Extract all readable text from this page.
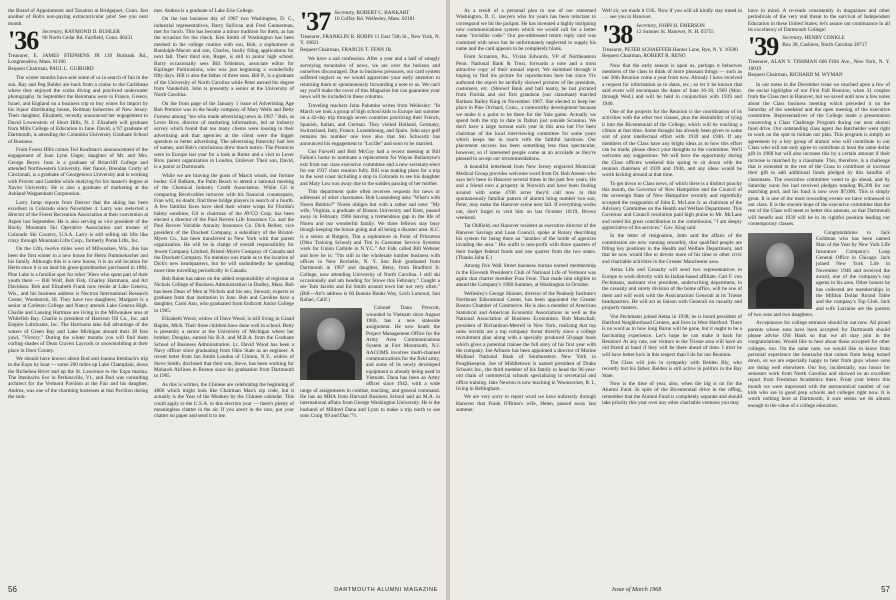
the Board of Appointment and Taxation at Bridgeport, Conn. Just another of Bob's non-paying extracurricular jobs! See you next month.

'36 Secretary, RAYMOND D. BUHLER
90 North Cedar Rd. Fairfield, Conn. 06431
Treasurer, E. JAMES STEPHENS JR 139 Burbank Rd., Longmeadow, Mass. 01106
Bequest Chairman, PAUL L. GUIBORD

The winter months have sent some of us in search of fun in the sun. Ray and Peg Buhler are back from a cruise to the Caribbean where they enjoyed the scuba diving and practiced underwater photography. In September the Reinmans were in France, Greece, Israel, and England on a business trip to buy wines for import by his liquor distributing house, Reitman Industries of New Jersey. Their daughter, Elizabeth, recently announced her engagement to David Lowenstein of Short Hills, N. J. Elizabeth will graduate from Mills College of Education in June. David, a '67 graduate of Dartmouth, is attending the Columbia University Graduate School of Business.

From Forest Hills comes Ted Kaufman's announcement of the engagement of Joan Lynn Unger, daughter of Mr. and Mrs. George Beyer. Joan is a graduate of Briarcliff College and attended Northwestern University. Her fiancé, Brendan Crotty of Cincinnati, is a graduate of Georgetown University and is working with Procter and Gamble while studying for his master's degree at Xavier University. He is also a graduate of marketing at the Ashland Wappenham Corporation.

Larry Jump reports from Denver that the skiing has been excellent in Colorado since November 4. Larry was reelected a director of the Forest Recreation Association at their convention at Aspen last September. He is also serving as vice president of the Rocky Mountain Ski Operative Association and trustee of Colorado Ski Country, U.S.A. Larry is still selling ski lifts like crazy through Mountain Lifts Corp., formerly Poma Lifts, Inc.

On the 12th, twelve miles west of Milwaukee, Wis., this has been the first winter in a new house for Herm Nummenacher and his family. Although this is a new house, it is an old location for Herm since it is on land his great-grandmother purchased in 1884. Pine Lake is a familiar spot for other '36ers who spent part of their youth there — Bill Wolf, Bob Fish, Charley Hartmann, and Art Davidson. Bob and Elizabeth Frank now reside at Lake Geneva, Wis., and his business address is Nectron International Research Center, Woodstock, Ill. They have two daughters; Margaret is a senior at Carleton College and Nancy attends Lake Geneva High. Charlie and Lansing Hartman are living in the Milwaukee area at Whitefish Bay. Charlie is president of Harrison Oil Co., Inc. and Empire Lubricants, Inc. The Harrisons take full advantage of the waters of Green Bay and Lake Michigan aboard their 38 foot yawl, "Victory." During the winter months you will find them curling shades of Dean Craven Laycock or snowmobiling at their place in Door County.

We should have known about Bud and Joanna Ittenbach's trip to the Expo by boat — some 200 miles up Lake Champlain, down the Richelieu River and up the St. Lawrence to the Expo marina. The Ittenbachs live in Perkinsville, Vt., and Bud was consulting architect for the Vermont Pavilion at the Fair and his daughter, Andrea, was one of the charming hostesses at that Pavilion during the sum-

mer. Andrea is a graduate of Lake Erie College.

On the last business day of 1967 two Washington, D. C., industrial representatives, Barry Sullivan and Fred Gunnerman, met for lunch. This has become a minor tradition for them, as has the occasion for the check. Ken Smith of Washington has been meshed in the college routine with son, Bob, a sophomore at Randolph-Macon and son, Charles, busily filing applications for next fall. Their third son, Roger, is still in junior high school. Barry occasionally sees Bill Yeltenton, associate editor for Kiplinger Publications, who was just beginning a wonderfully fifty days. Bill is also the father of three sons. Bill P., is a graduate of the University of North Carolina while Peter earned his degree from Vanderbilt. John is presently a senior at the University of North Carolina.

On the front page of the January 1 issue of Advertising Age Bob Prentice was in the heady company of Mary Wells and Betty Furness among "ten who made advertising news in 1967." Bob, as Lever Bros. director of marketing information, led an industry survey which found that too many clients were loosing in their advertising and that agencies at the client were the bigger spenders to better advertising. The advertising fraternity had lots of names, and Bob's conclusions drew much notice. The Prentices were in Europe last year for a look at Rome and a visit to Lever Bros. parent organization in London, Unilever. Their son, David, is a junior at Dartmouth.

While we are braving the gusts of March winds, our fortune bodes: Gil Balkam, the Palm Beach to attend a national meeting of the Chemical Industry Credit Association. While Gil is comparing Receivables turnover with his financial counterparts, Fran will, no doubt, find three bridge players in search of a fourth. A few familiar faces have shed their winter wraps for Florida's balmy sunshine, Gil is chairman of the AVCO Corp. has been elected a director of the Paul Revere Life Insurance Co. and the Paul Revere Variable Annuity Insurance Co. Dick Reiber, vice president of the Drackett Company, a subsidiary of the Bristol-Myers Co., has been transferred to New York with that parent organization. He will be in charge of overall responsibility for Jewett Company Limited, Bristol-Myers Company of Canada and the Drackett Company. No mention was made as to the location of Dick's new headquarters, but he will undoubtedly be spending more time travelling periodically in Canada.

Bob Raine has taken on the added responsibility of registrar at Nichols College of Business Administration in Dudley, Mass. Bob has been Dean of Men at Nichols and his son, Stewart, expects to graduate from that institution in June. Bob and Caroline have a daughter, Carol Ann, who graduated from Endicott Junior College in 1965.

Elizabeth Wood, widow of Dave Wood, is still living in Grand Rapids, Mich. Their three children have done well in school. Betty is presently a senior at the University of Michigan where her brother, Douglas, earned his B.A. and M.B.A. from the Graduate School of Business Administration. Lt. David Wood has been a Navy officer since graduating from Ohio State as an engineer. A recent letter from Jan Smith Loudon of Clinton, N.Y., widow of Steve Smith, disclosed that their son, Steve, has been working for Mohawk Airlines in Boston since his graduation from Dartmouth in 1965.

As this is written, the Chinese are celebrating the beginning of 4666 which might look like Chairman Mao's zip code, but it actually is the Year of the Monkey by the Chinese calendar. This could apply to the U.S.A. in this election year — there's plenty of meaningless chatter in the air. If you aren't in the race, put your chatter on paper and send it to me.

'37 Secretary, ROBERT C. BANKART
10 Coffey Rd. Wellesley, Mass. 02181
Treasurer, FRANKLIN B. ROBIN 11 East 74th St., New York, N. Y. 10021
Bequest Chairman, FRANCIS T. FENN JR.

We have a sad confession. After a year and a half of smugly surveying mountains of news, we are over the horizon and ourselves discouraged. Due to business pressures, our card system suffered neglect so we would appreciate your early attention to returning them or spontaneously forwarding a note to us. We can't say you'll make the cover of this Magazine but can guarantee your news will be included in these columns.

Traveling teachers John Palumbo writes from Wellesley: "In March we took a group of high school kids to Europe last summer on a 42-day trip through seven countries practicing their French, Spanish, Italian, and German. They visited Holland, Germany, Switzerland, Italy, France, Luxembourg, and Spain. John says golf remains his number one love also that Stu Schwartz has announced his engagement to "Lucille" and soon to be married.

Gus Farwell and Bob McCoy had a recent meeting at Bill Fallon's home to nominate a replacement for Wayne Ballantyne's exit from our class executive committee and a new secretary-elect for our 1937 class reunion fully. Bill was making plans for a trip to the west coast including a stop in Colorado to see his daughter and Mary Lou was away due to the sudden passing of her mother.

This department quite often receives requests for news or addresses of other classmates. Bob Lussenberg asks "What's with Noren Bobbio?" Noren obliges but with a rather sad note: "My wife, Virginia, a graduate of Boston University and Kent, passed away in February 1966 leaving a tremendous gap in the life of Noren and our wonderful family. We three fellows stay busy though keeping the house going and all being a disaster area. K.C. is a senior at Rutgers, Tim a sophomore in Point of Princeton (Ohio Training School) and Tim in Customer Service Systems work for Union Carbide in N.Y.C." Art Falk called Bill Webster and here he is: "I'm still in the wholesale lumber business with offices in New Rochelle, N. Y. Son Bob graduated from Dartmouth in 1967 and daughter, Betsy, from Bradford Jr. College, now attending University of North Carolina. I still ski occasionally and am heading for Stowe this February." Caught a see Tom Jacobs and Ed Smith around town but not very often." (Bill—Art's address is 60 Bonnie Banks Way, Loch Lomond, San Rafael, Calif.)

Colonel Dana Prescott, wounded in Vietnam since August 1966, has a new stateside assignment. He now heads the Project Management Office for the Army Area Communications System at Fort Monmouth, N.J. AACOMS involves multi-channel communications for the field army, and some of its newly developed equipment is already being used in Vietnam. Dana has been an Army officer since 1942, with a wide range of assignments in combat, teaching, and general command. He has an MBA from Harvard Business School and an M.A. in international affairs from George Washington University. He is the husband of Mildred Dana and Lynn to make a trip north to see sons Craig '69 and Dan '71.

56	DARTMOUTH ALUMNI MAGAZINE

As a result of a personal plea to one of our esteemed Washington, D. C. lawyers who for years has been reluctant to correspond we hit the jackpot. He has invented a highly intriguing new communications system which we would call for a better name "invisible code." Our pre-addressed return reply card was crammed with news but he unfortunately neglected to supply his name and the card appears to be completely blank.

From Scranton, Pa., Vivian Edwards, VP of Northeastern Penn. National Bank & Trust, forwards a note and a most attractive copy of their annual report. We skimmed through it hoping to find his picture for reproduction here but since Viv authored the report he tactfully showed pictures of the president, customers, etc. (Shrewd Bank and ball team), he last pictured from Florida and our first grandson (our classmate) married Barbara Bailey King in November 1967. She elected to keep her place in Pine Orchard, Conn., a noteworthy development because we make it a point to be there for the Yale game. Actually we spend both the trip to date in Dalton just outside Scranton. We don't have a large turnout each year in this area but I've been chairman of the local interviewing committee for some years which keeps me in touch with the faithful hardcore. Our placement success has been something less than spectacular, however, so if interested people come as an accolade as they're pleased to accept our recommendations.

A beautiful letterhead from New Jersey engraved Montclair Medical Group provides welcome word from Dr. Bob Aresen who says he's been in Hanover several times in the past few years. He and a friend own a property in Norwich and have been fooling around with some 4700 acres they'd call now in that spontaneously familiar pattern of alumni bring number two son, Peter, may make the Hanover scene next fall. If everything works out, don't forget to visit him on last October 18/19, Brown weekend.

Tat Oldfield, our Hanover resident as executive director of the Hanover Savings and Loan Council, spoke at Rotary describing his system for being there an "another of the horde of agencies invading the area." His outfit is non-profit with three quarters of their budget federal funds and one quarter from the two states. (Thanks John E.)

Among five Wall Street business bureau earned membership in the Eleventh President's Club of National Life of Vermont was again that charter member Fran Fenn. That made him eligible to attend the Company's 1968 Summer, at Washington in October.

Wellesley's George Skinner, director of the Peabody Institute's Northeast Educational Center, has been appointed the Greater Boston Chamber of Commerce. He is also a member of American Statistical and American Economic Associations as well as the National Association of Business Economists. Bob Marschall, president of Richardson-Merrell in New York, realizing that top sales recruits are a top company thrust directly since a college recruitment plan along with a specially produced 50-page book which gives a potential trainee the full story of his first year with the company. Joe Arbusto has been appointed a director of Marine Midland National Bank of Southeastern New York in Poughkeepsie. Joe of Middletown is named president of Drake Schools Inc., the third member of his family to head the 96-year-old chain of commercial schools specializing in secretarial and office training. Jake Newton is now teaching in Woonsocket, R. I., living in Bellingham.

We are very sorry to report word we have indirectly through Hanover that Frank O'Brien's wife, Helen, passed away last summer.

Well sir, we made it O.K. Now if you will all kindly stay tuned in . . . see you in Hanover.

'38 Secretary, JOHN H. EMERSON
12 Sumner St. Hanover, N. H. 03755
Treasurer, PETER SCHAEFFER Hunter Lane, Rye, N. Y. 10580
Bequest Chairman, ROBERT R. RENO

Now that the early season is upon us, perhaps it behooves members of the class to think of more pleasant things — such as our 30th Reunion come a year from now. Already I have received a request for information as to dates, etc.; so let it be known that said event will encompass the dates of June 16-18, 1969 (Mon. through Wed.) and will be held in conjunction with 1939 and 1940.

One of the projects for the Reunion is the coordination of its activities with the other two classes, plus the desirability of tying it into the Bicentennial of the College, which will be reaching a climax at that time. Some thought has already been given to some sort of joint intellectual effort with 1939 and 1940. If any members of the Class have any bright ideas as to how this effort can be made, please direct your thoughts to the committee. We'll welcome any suggestions. We will have the opportunity during the Class officers weekend this spring to sit down with the reunion chairmen of 1939 and 1940, and any ideas would be worth kicking around at that time.

To get down to Class news, of which there is a distinct paucity this month, the Governor of New Hampshire and the Council of the sovereign State of New Hampshire recently and regretfully accepted the resignation of John E. McLane Jr. as chairman of the Advisory Committee on the Health and Welfare Department. This Governor and Council resolution paid high praise to Mr. McLane and noted his great contribution to the commission, "I am deeply appreciative of his services." Gov. King said.

In the letter of resignation, John said the affairs of the commission are now running smoothly, that qualified people are filling key positions in the Health and Welfare Department, and that he now would like to devote more of his time to other civic and charitable activities in the Greater Manchester area.

Aetna Life and Casualty will send two representatives to Europe to work directly with its Italian-based affiliate. Carl F. von Pechmann, assistant vice president, underwriting department, in the casualty and surety division of the home office, will be one of them and will work with the Assicurazioni Generali at its Trieste headquarters. He will act as liaison with Generali on casualty and property matters.

Von Pechmann joined Aetna in 1938; he is board president of Hartford Neighborhood Centers, and lives in West Hartford. There is no word as to how long Baron will be gone, but it ought to be a fascinating experience. Let's hope he can make it back for Reunion! At any rate, our visitors to the Trieste area will have an old friend at hand if they will be there ahead of time. I trust he will have better luck in this respect than I do for our Reunion.

The Class will join in sympathy with Belden Bly, who recently lost his father. Belden is still active in politics in the Bay State.

Now is the time of year, also, when the big is on for the Alumni Fund. In spite of the Bicentennial drive in the offing, remember that the Alumni Fund is completely separate and should take priority this year over any other charitable ventures you may

have in mind. A re-reads consistently in magazines and other periodicals of the very real threat to the survival of Independent Education in these United States; let's assure our continuance in all its excellency of Dartmouth College!

'39 Secretary, HENRY CONKLE
Box 38, Cashiers, North Carolina 28717
Treasurer, ALAN V. TISHMAN 666 Fifth Ave., New York, N. Y. 10019
Bequest Chairman, RICHARD M. WYMAN

In our notes in the December issue we touched upon a few of the social highlights of our First Fall Reunion, when 31 couples from the Class met in Hanover, but we saved until now a few notes about the Class business meeting which preceded it on the Saturday of the weekend and the open meeting of the executive committee. Representatives of the College made a presentation concerning a Class Challenge Program during our next alumni fund drive. Our outstanding class agent Jae Batchelder went right to work on the spot to initiate our plan. This program is simply an agreement by a key group of alumni who will contribute to our Class who will not only agree to contribute at least the same dollar gift in 1968 but will also increase this by a certain amount if their increase is matched by a classmate. This, therefore, is a challenge that is extended to the rest of the Class to contribute or increase their gift to add additional funds pledged by this handful of classmates. The executive committee voted to go ahead, and by Saturday noon Joe had received pledges totaling $6,200 for our matching pool, and his fund is now over $7,000. This is simply great. It is one of the most rewarding events we have witnessed in our class. It is the sincere hope of the executive committee that the rest of the Class will meet or better this amount, so that Dartmouth will benefit and 1939 will be in its rightful position leading our contemporary classes.

Congratulations to Jack Goldman who has been named Man of the Year by New York Life Insurance Company's Loop General Office in Chicago. Jack joined New York Life in November 1946 and received the award, one of the company's top agents in his area. Other honors he has collected are memberships in the Million Dollar Round Table and the company's Top Club. Jack and wife Lorraine are the parents of two sons and two daughters.

Acceptances for college entrance should be out now. All proud parents whose sons have been accepted for Dartmouth should please advise Old Hank so that we all may join in the congratulations. Would like to hear about those accepted for other colleges, too. On the same note, we would like to know from personal experience the heartache that comes from being turned down, so we are especially happy to hear from guys whose sons are doing well elsewhere. Our boy, incidentally, was honor for semester work from North Carolina and showed us an excellent report from Freshman Academics there. From your letters this month we were impressed with the astronomical number of our kids who are in good prep schools and colleges right now. It is worth nothing here at Dartmouth, it sure seems we do almost enough to the value of a college education.

Issue of March 1968	57
